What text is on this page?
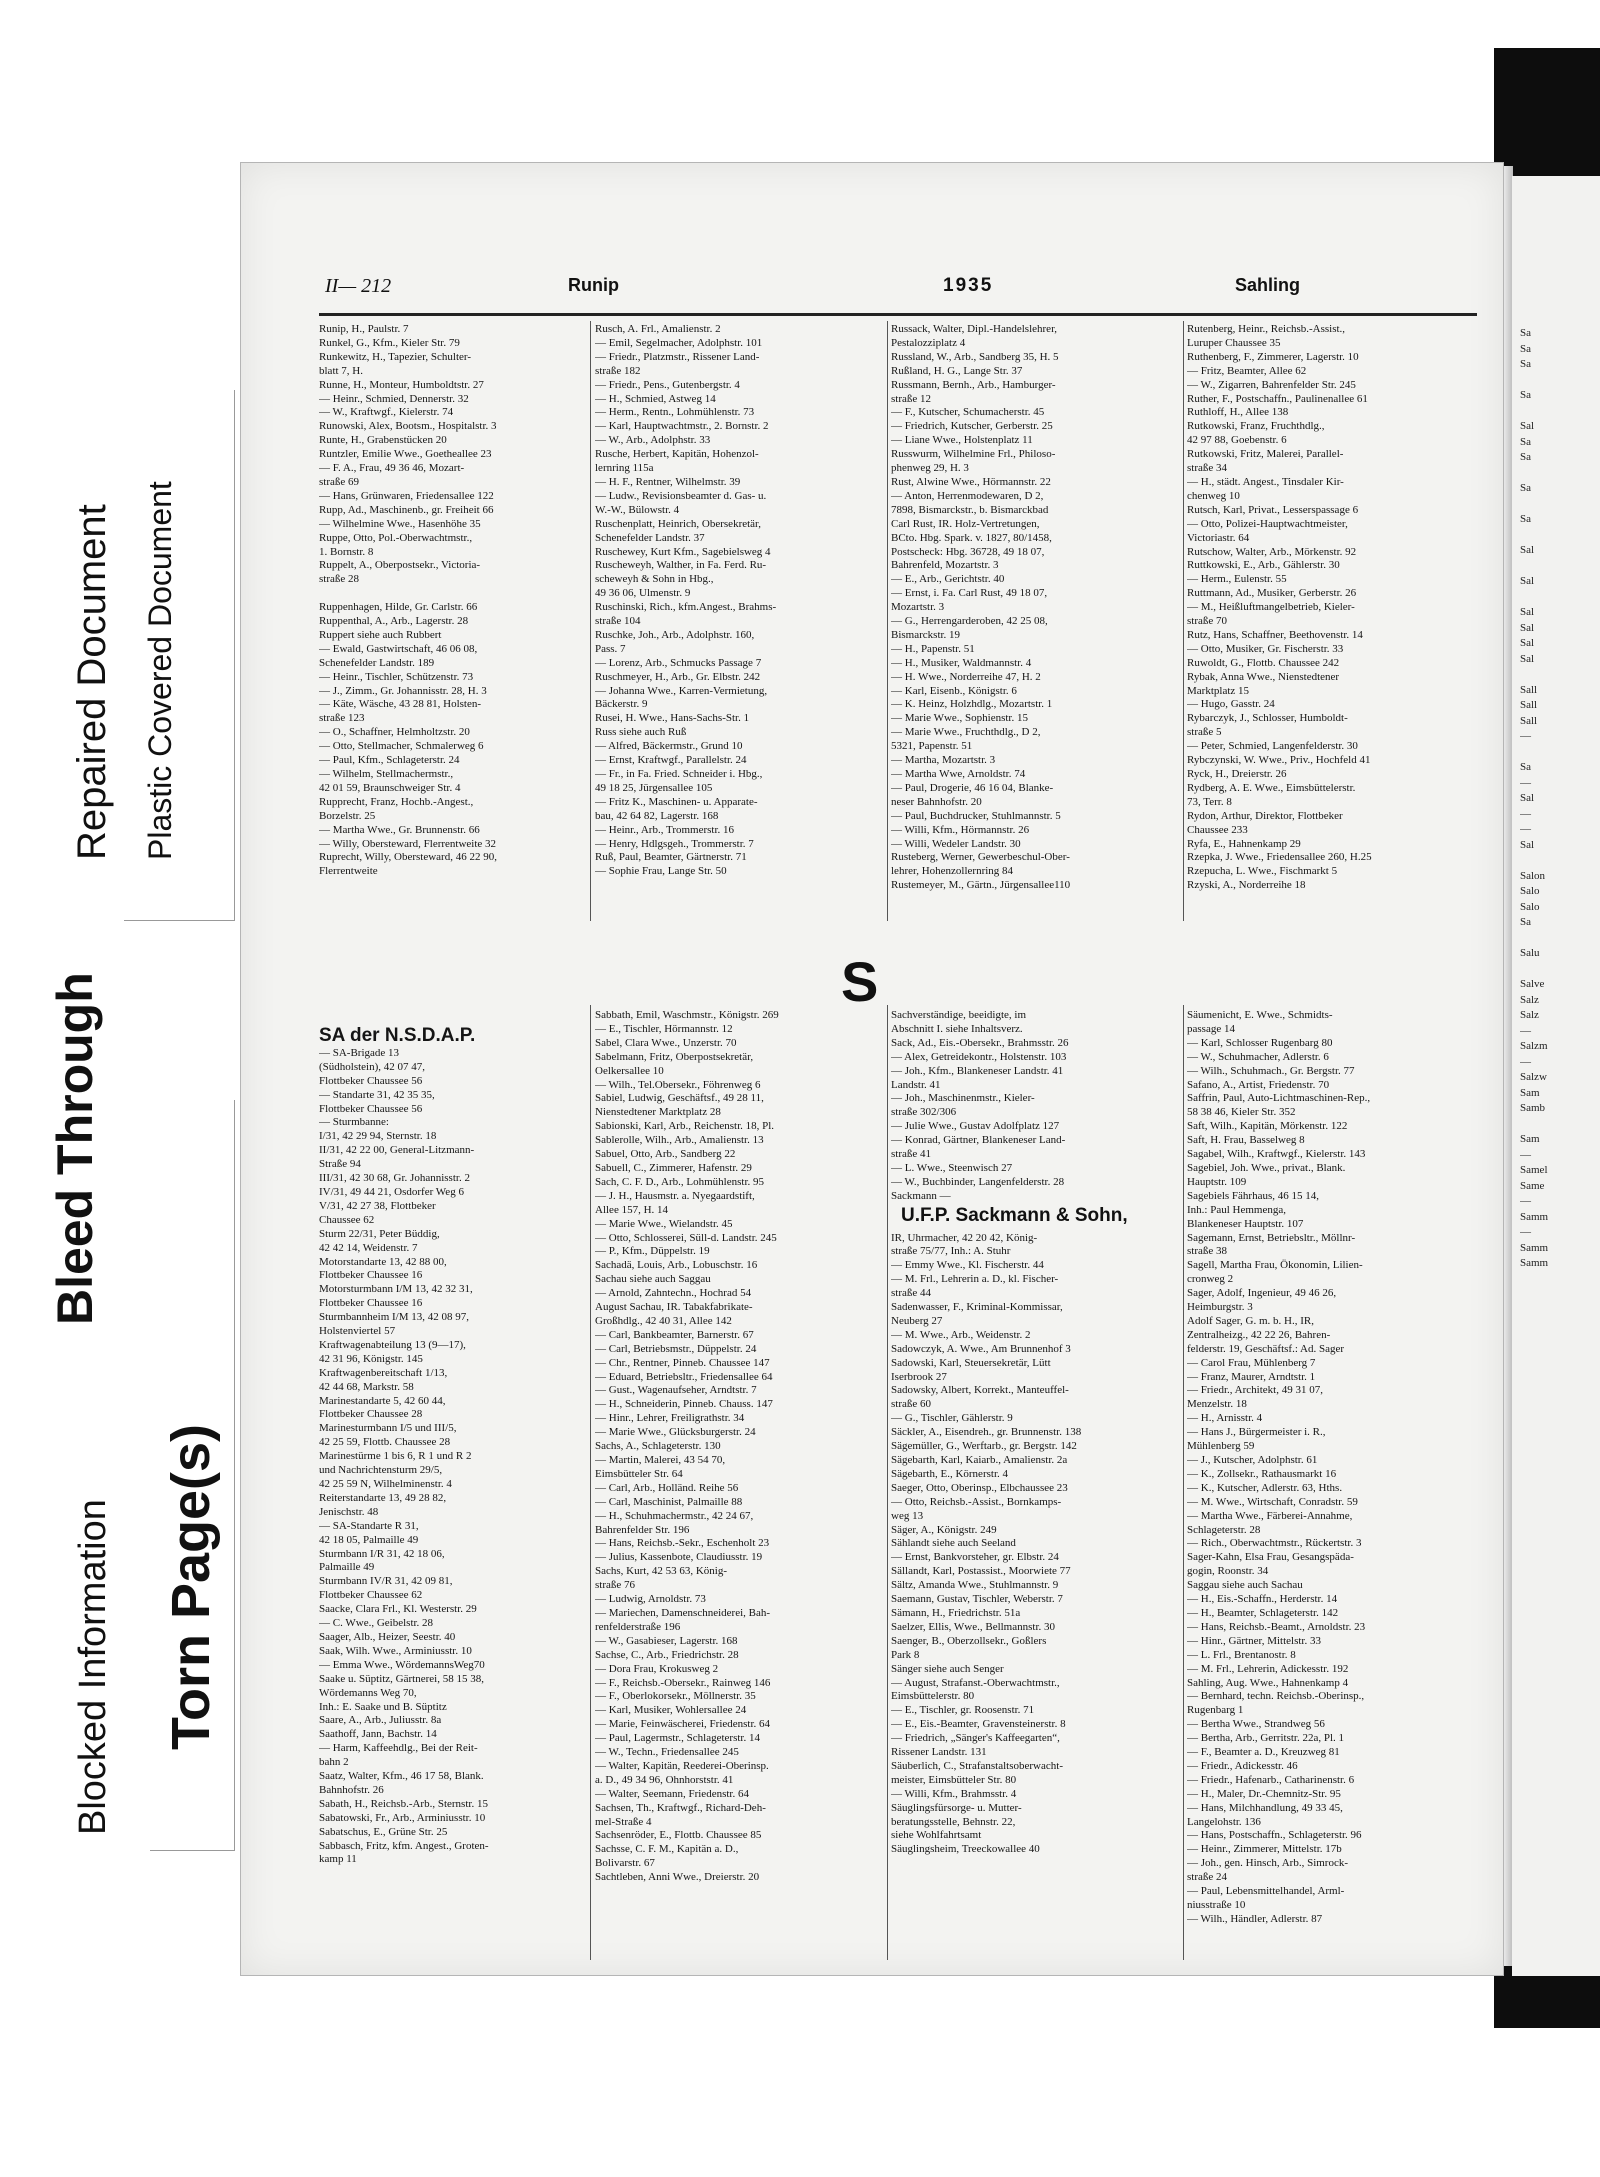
Bleed Through
Blocked Information
Repaired Document Plastic Covered Document
Torn Page(s)
Sa
Sa
Sa

Sa

Sal
Sa
Sa

Sa

Sa

Sal

Sal

Sal
Sal
Sal
Sal

Sall
Sall
Sall
—

Sa
—
Sal
—
—
Sal

Salon
Salo
Salo
Sa

Salu

Salve
Salz
Salz
—
Salzm
—
Salzw
Sam
Samb

Sam
—
Samel
Same
—
Samm
—
Samm
Samm
II— 212	Runip	1935	Sahling
Runip, H., Paulstr. 7
Runkel, G., Kfm., Kieler Str. 79
Runkewitz, H., Tapezier, Schulter-
blatt 7, H.
Runne, H., Monteur, Humboldtstr. 27
— Heinr., Schmied, Dennerstr. 32
— W., Kraftwgf., Kielerstr. 74
Runowski, Alex, Bootsm., Hospitalstr. 3
Runte, H., Grabenstücken 20
Runtzler, Emilie Wwe., Goetheallee 23
— F. A., Frau, 49 36 46, Mozart-
straße 69
— Hans, Grünwaren, Friedensallee 122
Rupp, Ad., Maschinenb., gr. Freiheit 66
— Wilhelmine Wwe., Hasenhöhe 35
Ruppe, Otto, Pol.-Oberwachtmstr.,
1. Bornstr. 8
Ruppelt, A., Oberpostsekr., Victoria-
straße 28

Ruppenhagen, Hilde, Gr. Carlstr. 66
Ruppenthal, A., Arb., Lagerstr. 28
Ruppert siehe auch Rubbert
— Ewald, Gastwirtschaft, 46 06 08,
Schenefelder Landstr. 189
— Heinr., Tischler, Schützenstr. 73
— J., Zimm., Gr. Johannisstr. 28, H. 3
— Käte, Wäsche, 43 28 81, Holsten-
straße 123
— O., Schaffner, Helmholtzstr. 20
— Otto, Stellmacher, Schmalerweg 6
— Paul, Kfm., Schlageterstr. 24
— Wilhelm, Stellmachermstr.,
42 01 59, Braunschweiger Str. 4
Rupprecht, Franz, Hochb.-Angest.,
Borzelstr. 25
— Martha Wwe., Gr. Brunnenstr. 66
— Willy, Obersteward, Flerrentweite 32
Ruprecht, Willy, Obersteward, 46 22 90,
Flerrentweite
Rusch, A. Frl., Amalienstr. 2
— Emil, Segelmacher, Adolphstr. 101
— Friedr., Platzmstr., Rissener Land-
straße 182
— Friedr., Pens., Gutenbergstr. 4
— H., Schmied, Astweg 14
— Herm., Rentn., Lohmühlenstr. 73
— Karl, Hauptwachtmstr., 2. Bornstr. 2
— W., Arb., Adolphstr. 33
Rusche, Herbert, Kapitän, Hohenzol-
lernring 115a
— H. F., Rentner, Wilhelmstr. 39
— Ludw., Revisionsbeamter d. Gas- u.
W.-W., Bülowstr. 4
Ruschenplatt, Heinrich, Obersekretär,
Schenefelder Landstr. 37
Ruschewey, Kurt Kfm., Sagebielsweg 4
Ruscheweyh, Walther, in Fa. Ferd. Ru-
scheweyh & Sohn in Hbg.,
49 36 06, Ulmenstr. 9
Ruschinski, Rich., kfm.Angest., Brahms-
straße 104
Ruschke, Joh., Arb., Adolphstr. 160,
Pass. 7
— Lorenz, Arb., Schmucks Passage 7
Ruschmeyer, H., Arb., Gr. Elbstr. 242
— Johanna Wwe., Karren-Vermietung,
Bäckerstr. 9
Rusei, H. Wwe., Hans-Sachs-Str. 1
Russ siehe auch Ruß
— Alfred, Bäckermstr., Grund 10
— Ernst, Kraftwgf., Parallelstr. 24
— Fr., in Fa. Fried. Schneider i. Hbg.,
49 18 25, Jürgensallee 105
— Fritz K., Maschinen- u. Apparate-
bau, 42 64 82, Lagerstr. 168
— Heinr., Arb., Trommerstr. 16
— Henry, Hdlgsgeh., Trommerstr. 7
Ruß, Paul, Beamter, Gärtnerstr. 71
— Sophie Frau, Lange Str. 50
Russack, Walter, Dipl.-Handelslehrer,
Pestalozziplatz 4
Russland, W., Arb., Sandberg 35, H. 5
Rußland, H. G., Lange Str. 37
Russmann, Bernh., Arb., Hamburger-
straße 12
— F., Kutscher, Schumacherstr. 45
— Friedrich, Kutscher, Gerberstr. 25
— Liane Wwe., Holstenplatz 11
Russwurm, Wilhelmine Frl., Philoso-
phenweg 29, H. 3
Rust, Alwine Wwe., Hörmannstr. 22
— Anton, Herrenmodewaren, D 2,
7898, Bismarckstr., b. Bismarckbad
Carl Rust, IR. Holz-Vertretungen,
BCto. Hbg. Spark. v. 1827, 80/1458,
Postscheck: Hbg. 36728, 49 18 07,
Bahrenfeld, Mozartstr. 3
— E., Arb., Gerichtstr. 40
— Ernst, i. Fa. Carl Rust, 49 18 07,
Mozartstr. 3
— G., Herrengarderoben, 42 25 08,
Bismarckstr. 19
— H., Papenstr. 51
— H., Musiker, Waldmannstr. 4
— H. Wwe., Norderreihe 47, H. 2
— Karl, Eisenb., Königstr. 6
— K. Heinz, Holzhdlg., Mozartstr. 1
— Marie Wwe., Sophienstr. 15
— Marie Wwe., Fruchthdlg., D 2,
5321, Papenstr. 51
— Martha, Mozartstr. 3
— Martha Wwe, Arnoldstr. 74
— Paul, Drogerie, 46 16 04, Blanke-
neser Bahnhofstr. 20
— Paul, Buchdrucker, Stuhlmannstr. 5
— Willi, Kfm., Hörmannstr. 26
— Willi, Wedeler Landstr. 30
Rusteberg, Werner, Gewerbeschul-Ober-
lehrer, Hohenzollernring 84
Rustemeyer, M., Gärtn., Jürgensallee110
Rutenberg, Heinr., Reichsb.-Assist.,
Luruper Chaussee 35
Ruthenberg, F., Zimmerer, Lagerstr. 10
— Fritz, Beamter, Allee 62
— W., Zigarren, Bahrenfelder Str. 245
Ruther, F., Postschaffn., Paulinenallee 61
Ruthloff, H., Allee 138
Rutkowski, Franz, Fruchthdlg.,
42 97 88, Goebenstr. 6
Rutkowski, Fritz, Malerei, Parallel-
straße 34
— H., städt. Angest., Tinsdaler Kir-
chenweg 10
Rutsch, Karl, Privat., Lesserspassage 6
— Otto, Polizei-Hauptwachtmeister,
Victoriastr. 64
Rutschow, Walter, Arb., Mörkenstr. 92
Ruttkowski, E., Arb., Gählerstr. 30
— Herm., Eulenstr. 55
Ruttmann, Ad., Musiker, Gerberstr. 26
— M., Heißluftmangelbetrieb, Kieler-
straße 70
Rutz, Hans, Schaffner, Beethovenstr. 14
— Otto, Musiker, Gr. Fischerstr. 33
Ruwoldt, G., Flottb. Chaussee 242
Rybak, Anna Wwe., Nienstedtener
Marktplatz 15
— Hugo, Gasstr. 24
Rybarczyk, J., Schlosser, Humboldt-
straße 5
— Peter, Schmied, Langenfelderstr. 30
Rybczynski, W. Wwe., Priv., Hochfeld 41
Ryck, H., Dreierstr. 26
Rydberg, A. E. Wwe., Eimsbüttelerstr.
73, Terr. 8
Rydon, Arthur, Direktor, Flottbeker
Chaussee 233
Ryfa, E., Hahnenkamp 29
Rzepka, J. Wwe., Friedensallee 260, H.25
Rzepucha, L. Wwe., Fischmarkt 5
Rzyski, A., Norderreihe 18
S
SA der N.S.D.A.P.
— SA-Brigade 13
(Südholstein), 42 07 47,
Flottbeker Chaussee 56
— Standarte 31, 42 35 35,
Flottbeker Chaussee 56
— Sturmbanne:
I/31, 42 29 94, Sternstr. 18
II/31, 42 22 00, General-Litzmann-
Straße 94
III/31, 42 30 68, Gr. Johannisstr. 2
IV/31, 49 44 21, Osdorfer Weg 6
V/31, 42 27 38, Flottbeker
Chaussee 62
Sturm 22/31, Peter Büddig,
42 42 14, Weidenstr. 7
Motorstandarte 13, 42 88 00,
Flottbeker Chaussee 16
Motorsturmbann I/M 13, 42 32 31,
Flottbeker Chaussee 16
Sturmbannheim I/M 13, 42 08 97,
Holstenviertel 57
Kraftwagenabteilung 13 (9—17),
42 31 96, Königstr. 145
Kraftwagenbereitschaft 1/13,
42 44 68, Markstr. 58
Marinestandarte 5, 42 60 44,
Flottbeker Chaussee 28
Marinesturmbann I/5 und III/5,
42 25 59, Flottb. Chaussee 28
Marinestürme 1 bis 6, R 1 und R 2
und Nachrichtensturm 29/5,
42 25 59 N, Wilhelminenstr. 4
Reiterstandarte 13, 49 28 82,
Jenischstr. 48
— SA-Standarte R 31,
42 18 05, Palmaille 49
Sturmbann I/R 31, 42 18 06,
Palmaille 49
Sturmbann IV/R 31, 42 09 81,
Flottbeker Chaussee 62
Saacke, Clara Frl., Kl. Westerstr. 29
— C. Wwe., Geibelstr. 28
Saager, Alb., Heizer, Seestr. 40
Saak, Wilh. Wwe., Arminiusstr. 10
— Emma Wwe., WördemannsWeg70
Saake u. Süptitz, Gärtnerei, 58 15 38,
Wördemanns Weg 70,
Inh.: E. Saake und B. Süptitz
Saare, A., Arb., Juliusstr. 8a
Saathoff, Jann, Bachstr. 14
— Harm, Kaffeehdlg., Bei der Reit-
bahn 2
Saatz, Walter, Kfm., 46 17 58, Blank.
Bahnhofstr. 26
Sabath, H., Reichsb.-Arb., Sternstr. 15
Sabatowski, Fr., Arb., Arminiusstr. 10
Sabatschus, E., Grüne Str. 25
Sabbasch, Fritz, kfm. Angest., Groten-
kamp 11
Sabbath, Emil, Waschmstr., Königstr. 269
— E., Tischler, Hörmannstr. 12
Sabel, Clara Wwe., Unzerstr. 70
Sabelmann, Fritz, Oberpostsekretär,
Oelkersallee 10
— Wilh., Tel.Obersekr., Föhrenweg 6
Sabiel, Ludwig, Geschäftsf., 49 28 11,
Nienstedtener Marktplatz 28
Sabionski, Karl, Arb., Reichenstr. 18, Pl.
Sablerolle, Wilh., Arb., Amalienstr. 13
Sabuel, Otto, Arb., Sandberg 22
Sabuell, C., Zimmerer, Hafenstr. 29
Sach, C. F. D., Arb., Lohmühlenstr. 95
— J. H., Hausmstr. a. Nyegaardstift,
Allee 157, H. 14
— Marie Wwe., Wielandstr. 45
— Otto, Schlosserei, Süll-d. Landstr. 245
— P., Kfm., Düppelstr. 19
Sachadä, Louis, Arb., Lobuschstr. 16
Sachau siehe auch Saggau
— Arnold, Zahntechn., Hochrad 54
August Sachau, IR. Tabakfabrikate-
Großhdlg., 42 40 31, Allee 142
— Carl, Bankbeamter, Barnerstr. 67
— Carl, Betriebsmstr., Düppelstr. 24
— Chr., Rentner, Pinneb. Chaussee 147
— Eduard, Betriebsltr., Friedensallee 64
— Gust., Wagenaufseher, Arndtstr. 7
— H., Schneiderin, Pinneb. Chauss. 147
— Hinr., Lehrer, Freiligrathstr. 34
— Marie Wwe., Glücksburgerstr. 24
Sachs, A., Schlageterstr. 130
— Martin, Malerei, 43 54 70,
Eimsbütteler Str. 64
— Carl, Arb., Holländ. Reihe 56
— Carl, Maschinist, Palmaille 88
— H., Schuhmachermstr., 42 24 67,
Bahrenfelder Str. 196
— Hans, Reichsb.-Sekr., Eschenholt 23
— Julius, Kassenbote, Claudiusstr. 19
Sachs, Kurt, 42 53 63, König-
straße 76
— Ludwig, Arnoldstr. 73
— Mariechen, Damenschneiderei, Bah-
renfelderstraße 196
— W., Gasabieser, Lagerstr. 168
Sachse, C., Arb., Friedrichstr. 28
— Dora Frau, Krokusweg 2
— F., Reichsb.-Obersekr., Rainweg 146
— F., Oberlokorsekr., Möllnerstr. 35
— Karl, Musiker, Wohlersallee 24
— Marie, Feinwäscherei, Friedenstr. 64
— Paul, Lagermstr., Schlageterstr. 14
— W., Techn., Friedensallee 245
— Walter, Kapitän, Reederei-Oberinsp.
a. D., 49 34 96, Ohnhorststr. 41
— Walter, Seemann, Friedenstr. 64
Sachsen, Th., Kraftwgf., Richard-Deh-
mel-Straße 4
Sachsenröder, E., Flottb. Chaussee 85
Sachsse, C. F. M., Kapitän a. D.,
Bolivarstr. 67
Sachtleben, Anni Wwe., Dreierstr. 20
Sachverständige, beeidigte, im
Abschnitt I. siehe Inhaltsverz.
Sack, Ad., Eis.-Obersekr., Brahmsstr. 26
— Alex, Getreidekontr., Holstenstr. 103
— Joh., Kfm., Blankeneser Landstr. 41
Landstr. 41
— Joh., Maschinenmstr., Kieler-
straße 302/306
— Julie Wwe., Gustav Adolfplatz 127
— Konrad, Gärtner, Blankeneser Land-
straße 41
— L. Wwe., Steenwisch 27
— W., Buchbinder, Langenfelderstr. 28
Sackmann —

IR, Uhrmacher, 42 20 42, König-
straße 75/77, Inh.: A. Stuhr
— Emmy Wwe., Kl. Fischerstr. 44
— M. Frl., Lehrerin a. D., kl. Fischer-
straße 44
Sadenwasser, F., Kriminal-Kommissar,
Neuberg 27
— M. Wwe., Arb., Weidenstr. 2
Sadowczyk, A. Wwe., Am Brunnenhof 3
Sadowski, Karl, Steuersekretär, Lütt
Iserbrook 27
Sadowsky, Albert, Korrekt., Manteuffel-
straße 60
— G., Tischler, Gählerstr. 9
Säckler, A., Eisendreh., gr. Brunnenstr. 138
Sägemüller, G., Werftarb., gr. Bergstr. 142
Sägebarth, Karl, Kaiarb., Amalienstr. 2a
Sägebarth, E., Körnerstr. 4
Saeger, Otto, Oberinsp., Elbchaussee 23
— Otto, Reichsb.-Assist., Bornkamps-
weg 13
Säger, A., Königstr. 249
Sählandt siehe auch Seeland
— Ernst, Bankvorsteher, gr. Elbstr. 24
Sällandt, Karl, Postassist., Moorwiete 77
Sältz, Amanda Wwe., Stuhlmannstr. 9
Saemann, Gustav, Tischler, Weberstr. 7
Sämann, H., Friedrichstr. 51a
Saelzer, Ellis, Wwe., Bellmannstr. 30
Saenger, B., Oberzollsekr., Goßlers
Park 8
Sänger siehe auch Senger
— August, Strafanst.-Oberwachtmstr.,
Eimsbüttelerstr. 80
— E., Tischler, gr. Roosenstr. 71
— E., Eis.-Beamter, Gravensteinerstr. 8
— Friedrich, „Sänger's Kaffeegarten“,
Rissener Landstr. 131
Säuberlich, C., Strafanstaltsoberwacht-
meister, Eimsbütteler Str. 80
— Willi, Kfm., Brahmsstr. 4
Säuglingsfürsorge- u. Mutter-
beratungsstelle, Behnstr. 22,
siehe Wohlfahrtsamt
Säuglingsheim, Treeckowallee 40
U.F.P. Sackmann & Sohn,
Säumenicht, E. Wwe., Schmidts-
passage 14
— Karl, Schlosser Rugenbarg 80
— W., Schuhmacher, Adlerstr. 6
— Wilh., Schuhmach., Gr. Bergstr. 77
Safano, A., Artist, Friedenstr. 70
Saffrin, Paul, Auto-Lichtmaschinen-Rep.,
58 38 46, Kieler Str. 352
Saft, Wilh., Kapitän, Mörkenstr. 122
Saft, H. Frau, Basselweg 8
Sagabel, Wilh., Kraftwgf., Kielerstr. 143
Sagebiel, Joh. Wwe., privat., Blank.
Hauptstr. 109
Sagebiels Fährhaus, 46 15 14,
Inh.: Paul Hemmenga,
Blankeneser Hauptstr. 107
Sagemann, Ernst, Betriebsltr., Möllnr-
straße 38
Sagell, Martha Frau, Ökonomin, Lilien-
cronweg 2
Sager, Adolf, Ingenieur, 49 46 26,
Heimburgstr. 3
Adolf Sager, G. m. b. H., IR,
Zentralheizg., 42 22 26, Bahren-
felderstr. 19, Geschäftsf.: Ad. Sager
— Carol Frau, Mühlenberg 7
— Franz, Maurer, Arndtstr. 1
— Friedr., Architekt, 49 31 07,
Menzelstr. 18
— H., Arnisstr. 4
— Hans J., Bürgermeister i. R.,
Mühlenberg 59
— J., Kutscher, Adolphstr. 61
— K., Zollsekr., Rathausmarkt 16
— K., Kutscher, Adlerstr. 63, Hths.
— M. Wwe., Wirtschaft, Conradstr. 59
— Martha Wwe., Färberei-Annahme,
Schlageterstr. 28
— Rich., Oberwachtmstr., Rückertstr. 3
Sager-Kahn, Elsa Frau, Gesangspäda-
gogin, Roonstr. 34
Saggau siehe auch Sachau
— H., Eis.-Schaffn., Herderstr. 14
— H., Beamter, Schlageterstr. 142
— Hans, Reichsb.-Beamt., Arnoldstr. 23
— Hinr., Gärtner, Mittelstr. 33
— L. Frl., Brentanostr. 8
— M. Frl., Lehrerin, Adickesstr. 192
Sahling, Aug. Wwe., Hahnenkamp 4
— Bernhard, techn. Reichsb.-Oberinsp.,
Rugenbarg 1
— Bertha Wwe., Strandweg 56
— Bertha, Arb., Gerritstr. 22a, Pl. 1
— F., Beamter a. D., Kreuzweg 81
— Friedr., Adickesstr. 46
— Friedr., Hafenarb., Catharinenstr. 6
— H., Maler, Dr.-Chemnitz-Str. 95
— Hans, Milchhandlung, 49 33 45,
Langelohstr. 136
— Hans, Postschaffn., Schlageterstr. 96
— Heinr., Zimmerer, Mittelstr. 17b
— Joh., gen. Hinsch, Arb., Simrock-
straße 24
— Paul, Lebensmittelhandel, Arml-
niusstraße 10
— Wilh., Händler, Adlerstr. 87
